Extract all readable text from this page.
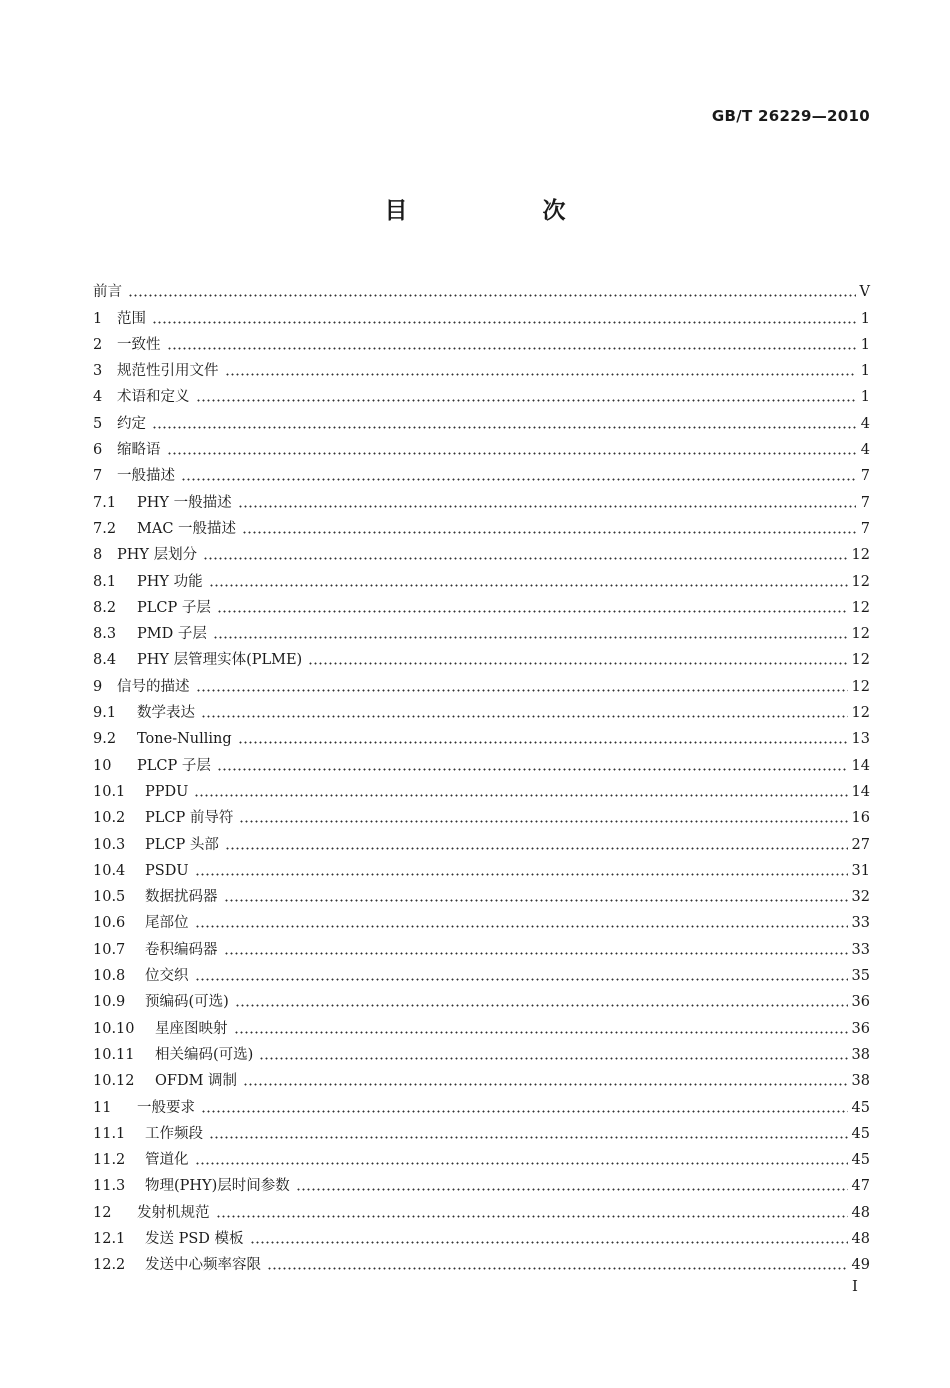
GB/T 26229—2010
目　次
前言	V
1	范围	1
2	一致性	1
3	规范性引用文件	1
4	术语和定义	1
5	约定	4
6	缩略语	4
7	一般描述	7
7.1	PHY 一般描述	7
7.2	MAC 一般描述	7
8	PHY 层划分	12
8.1	PHY 功能	12
8.2	PLCP 子层	12
8.3	PMD 子层	12
8.4	PHY 层管理实体(PLME)	12
9	信号的描述	12
9.1	数学表达	12
9.2	Tone-Nulling	13
10	PLCP 子层	14
10.1	PPDU	14
10.2	PLCP 前导符	16
10.3	PLCP 头部	27
10.4	PSDU	31
10.5	数据扰码器	32
10.6	尾部位	33
10.7	卷积编码器	33
10.8	位交织	35
10.9	预编码(可选)	36
10.10	星座图映射	36
10.11	相关编码(可选)	38
10.12	OFDM 调制	38
11	一般要求	45
11.1	工作频段	45
11.2	管道化	45
11.3	物理(PHY)层时间参数	47
12	发射机规范	48
12.1	发送 PSD 模板	48
12.2	发送中心频率容限	49
I
